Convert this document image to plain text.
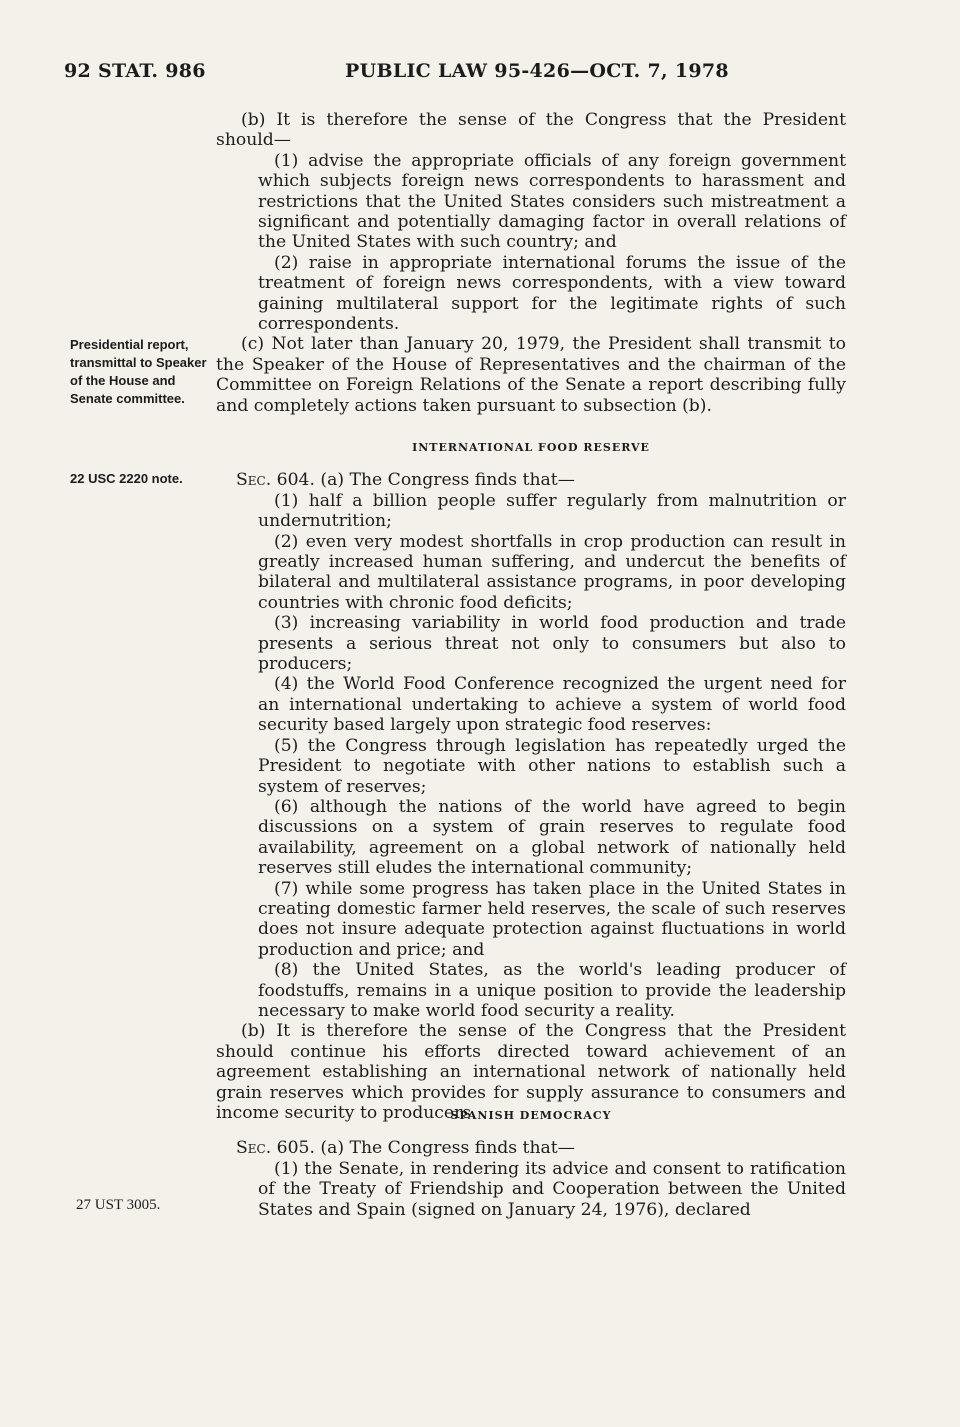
92 STAT. 986	PUBLIC LAW 95-426—OCT. 7, 1978
Presidential report, transmittal to Speaker of the House and Senate committee.
22 USC 2220 note.
27 UST 3005.

(b) It is therefore the sense of the Congress that the President should—

(1) advise the appropriate officials of any foreign government which subjects foreign news correspondents to harassment and restrictions that the United States considers such mistreatment a significant and potentially damaging factor in overall relations of the United States with such country; and

(2) raise in appropriate international forums the issue of the treatment of foreign news correspondents, with a view toward gaining multilateral support for the legitimate rights of such correspondents.

(c) Not later than January 20, 1979, the President shall transmit to the Speaker of the House of Representatives and the chairman of the Committee on Foreign Relations of the Senate a report describing fully and completely actions taken pursuant to subsection (b).

INTERNATIONAL FOOD RESERVE

Sec. 604. (a) The Congress finds that—

(1) half a billion people suffer regularly from malnutrition or undernutrition;

(2) even very modest shortfalls in crop production can result in greatly increased human suffering, and undercut the benefits of bilateral and multilateral assistance programs, in poor developing countries with chronic food deficits;

(3) increasing variability in world food production and trade presents a serious threat not only to consumers but also to producers;

(4) the World Food Conference recognized the urgent need for an international undertaking to achieve a system of world food security based largely upon strategic food reserves:

(5) the Congress through legislation has repeatedly urged the President to negotiate with other nations to establish such a system of reserves;

(6) although the nations of the world have agreed to begin discussions on a system of grain reserves to regulate food availability, agreement on a global network of nationally held reserves still eludes the international community;

(7) while some progress has taken place in the United States in creating domestic farmer held reserves, the scale of such reserves does not insure adequate protection against fluctuations in world production and price; and

(8) the United States, as the world's leading producer of foodstuffs, remains in a unique position to provide the leadership necessary to make world food security a reality.

(b) It is therefore the sense of the Congress that the President should continue his efforts directed toward achievement of an agreement establishing an international network of nationally held grain reserves which provides for supply assurance to consumers and income security to producers.

SPANISH DEMOCRACY

Sec. 605. (a) The Congress finds that—

(1) the Senate, in rendering its advice and consent to ratification of the Treaty of Friendship and Cooperation between the United States and Spain (signed on January 24, 1976), declared
